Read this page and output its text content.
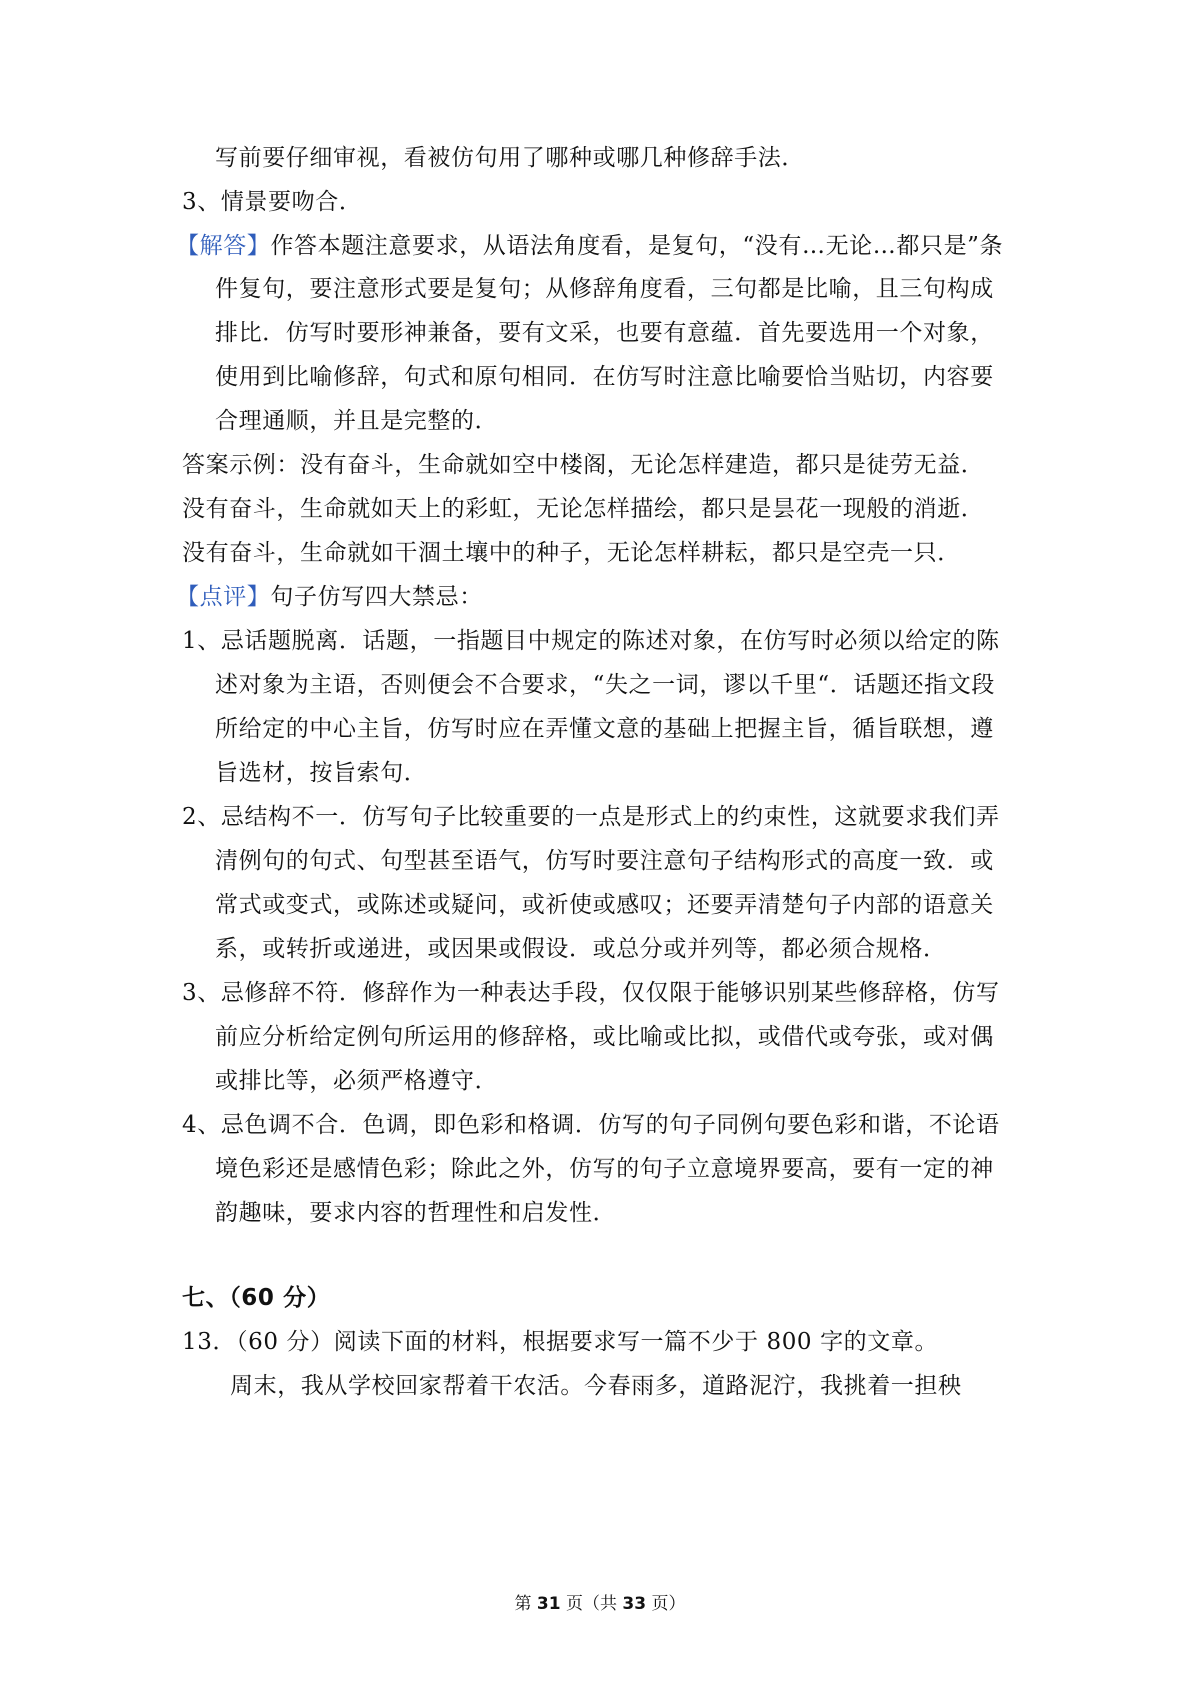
写前要仔细审视，看被仿句用了哪种或哪几种修辞手法．
3、情景要吻合．
【解答】作答本题注意要求，从语法角度看，是复句，“没有…无论…都只是”条
件复句，要注意形式要是复句；从修辞角度看，三句都是比喻，且三句构成
排比．仿写时要形神兼备，要有文采，也要有意蕴．首先要选用一个对象，
使用到比喻修辞，句式和原句相同．在仿写时注意比喻要恰当贴切，内容要
合理通顺，并且是完整的．
答案示例：没有奋斗，生命就如空中楼阁，无论怎样建造，都只是徒劳无益．
没有奋斗，生命就如天上的彩虹，无论怎样描绘，都只是昙花一现般的消逝．
没有奋斗，生命就如干涸土壤中的种子，无论怎样耕耘，都只是空壳一只．
【点评】句子仿写四大禁忌：
1、忌话题脱离．话题，一指题目中规定的陈述对象，在仿写时必须以给定的陈
述对象为主语，否则便会不合要求，“失之一词，谬以千里“．话题还指文段
所给定的中心主旨，仿写时应在弄懂文意的基础上把握主旨，循旨联想，遵
旨选材，按旨索句．
2、忌结构不一．仿写句子比较重要的一点是形式上的约束性，这就要求我们弄
清例句的句式、句型甚至语气，仿写时要注意句子结构形式的高度一致．或
常式或变式，或陈述或疑问，或祈使或感叹；还要弄清楚句子内部的语意关
系，或转折或递进，或因果或假设．或总分或并列等，都必须合规格．
3、忌修辞不符．修辞作为一种表达手段，仅仅限于能够识别某些修辞格，仿写
前应分析给定例句所运用的修辞格，或比喻或比拟，或借代或夸张，或对偶
或排比等，必须严格遵守．
4、忌色调不合．色调，即色彩和格调．仿写的句子同例句要色彩和谐，不论语
境色彩还是感情色彩；除此之外，仿写的句子立意境界要高，要有一定的神
韵趣味，要求内容的哲理性和启发性．
七、（60 分）
13．（60 分）阅读下面的材料，根据要求写一篇不少于 800 字的文章。
周末，我从学校回家帮着干农活。今春雨多，道路泥泞，我挑着一担秧
第 31 页（共 33 页）
